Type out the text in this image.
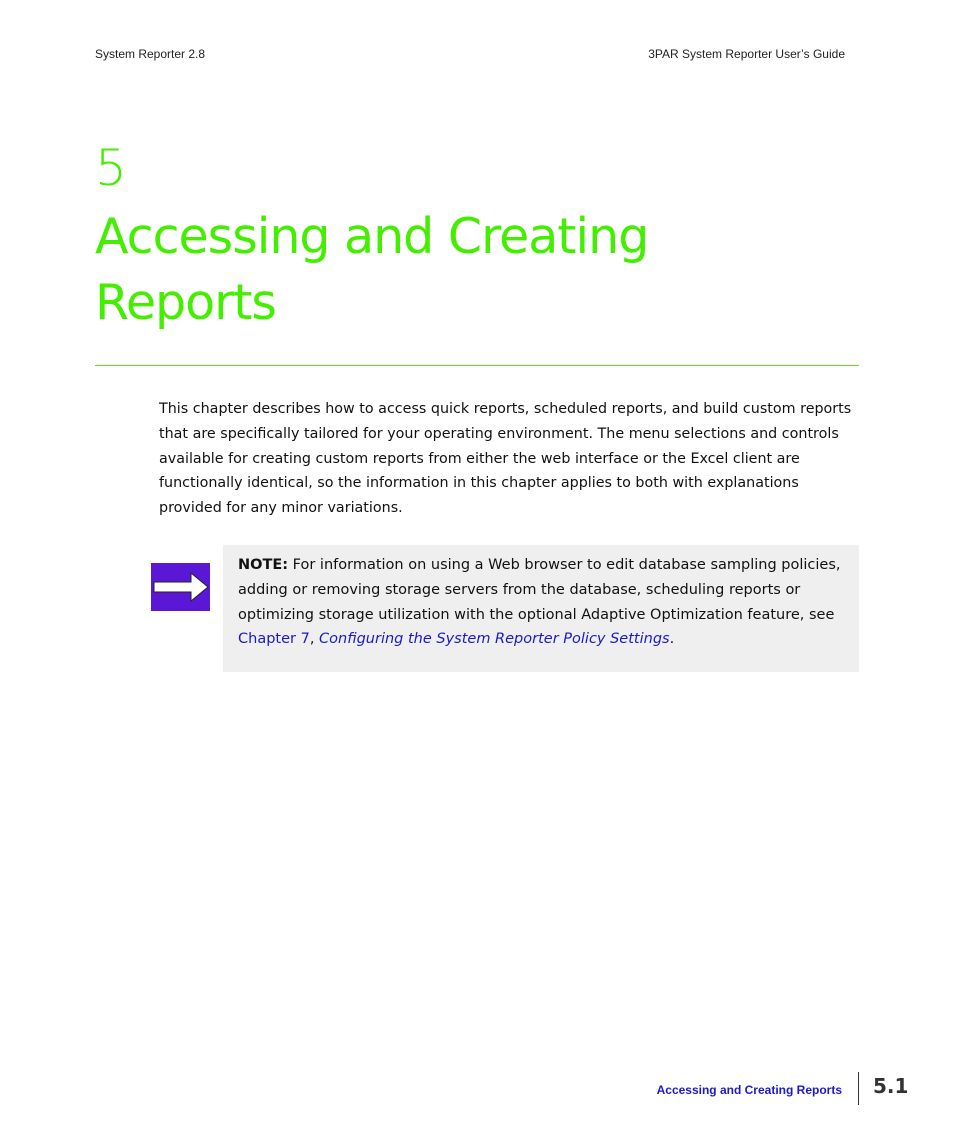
System Reporter 2.8	3PAR System Reporter User’s Guide
5
Accessing and Creating Reports

This chapter describes how to access quick reports, scheduled reports, and build custom reports that are specifically tailored for your operating environment. The menu selections and controls available for creating custom reports from either the web interface or the Excel client are functionally identical, so the information in this chapter applies to both with explanations provided for any minor variations.

NOTE: For information on using a Web browser to edit database sampling policies, adding or removing storage servers from the database, scheduling reports or optimizing storage utilization with the optional Adaptive Optimization feature, see Chapter 7, Configuring the System Reporter Policy Settings.

Accessing and Creating Reports 5.1
